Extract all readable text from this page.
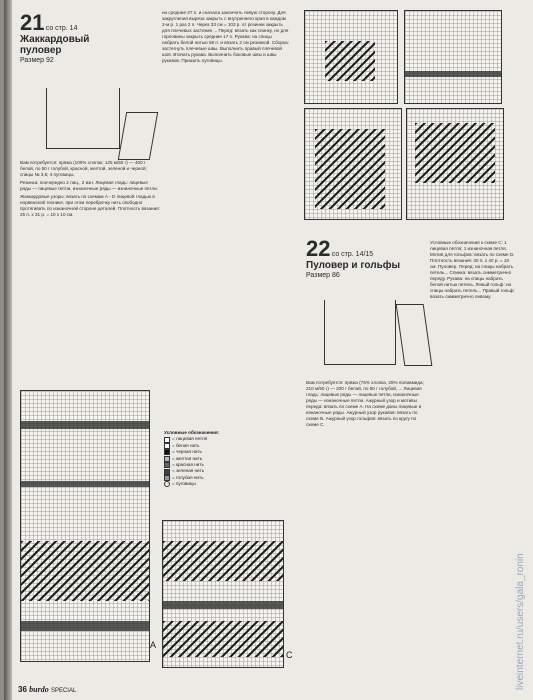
21 со стр. 14
Жаккардовый пуловер
Размер 92

Вам потребуется: пряжа (100% хлопок; 125 м/50 г) — 400 г белой, по 50 г голубой, красной, желтой, зеленой и черной; спицы № 3,5; 4 пуговицы.

Резинка: поочередно 2 лиц., 2 изн. Лицевая гладь: лицевые ряды — лицевые петли, изнаночные ряды — изнаночные петли.

Жаккардовые узоры: вязать по схемам А - D лицевой гладью в норвежской технике, при этом переброчку нить свободно протягивать по изнаночной стороне деталей. Плотность вязания: 25 п. х 31 р. = 10 х 10 см.

на средние 27 п. и сначала закончить левую сторону. Для закругления выреза закрыть с внутреннего края в каждом 2-м р. 1 раз 2 п. Через 33 см = 103 р. от резинки закрыть для плечевых застежек ... Перед: вязать как спинку, но для горловины закрыть средние 17 п. Рукава: на спицы набрать белой нитью 58 п. и вязать 2 см резинкой. Сборка: застегнуть плечевые швы. Выполнить правый плечевой шов. Втачать рукава. Выполнить боковые швы и швы рукавов. Пришить пуговицы.

Условные обозначения:
= лицевая петля
= белая нить
= черная нить
= желтая нить
= красная нить
= зеленая нить
= голубая нить
= пуговицы
А
C
22 со стр. 14/15
Пуловер и гольфы
Размер 86

Вам потребуется: пряжа (75% хлопка, 25% полиамида; 210 м/50 г) — 200 г белой, по 50 г голубой, ... Лицевая гладь: лицевые ряды — лицевые петли, изнаночные ряды — изнаночные петли. Ажурный узор и мотивы переда: вязать по схеме А. На схеме даны лицевые и изнаночные ряды. Ажурный узор рукавов: вязать по схеме В. Ажурный узор гольфов: вязать по кругу по схеме С.

Условные обозначения к схеме С: 1 лицевая петля; 1 изнаночная петля. Мотив для гольфов: вязать по схеме D. Плотность вязания: 30 п. х 40 р. = 10 см. Пуловер. Перед: на спицы набрать петель... Спинка: вязать симметрично переду. Рукава: на спицы набрать белой нитью петель. Левый гольф: на спицы набрать петель... Правый гольф: вязать симметрично левому.

liveinternet.ru/users/gala_ronin
36 burdo SPECIAL
